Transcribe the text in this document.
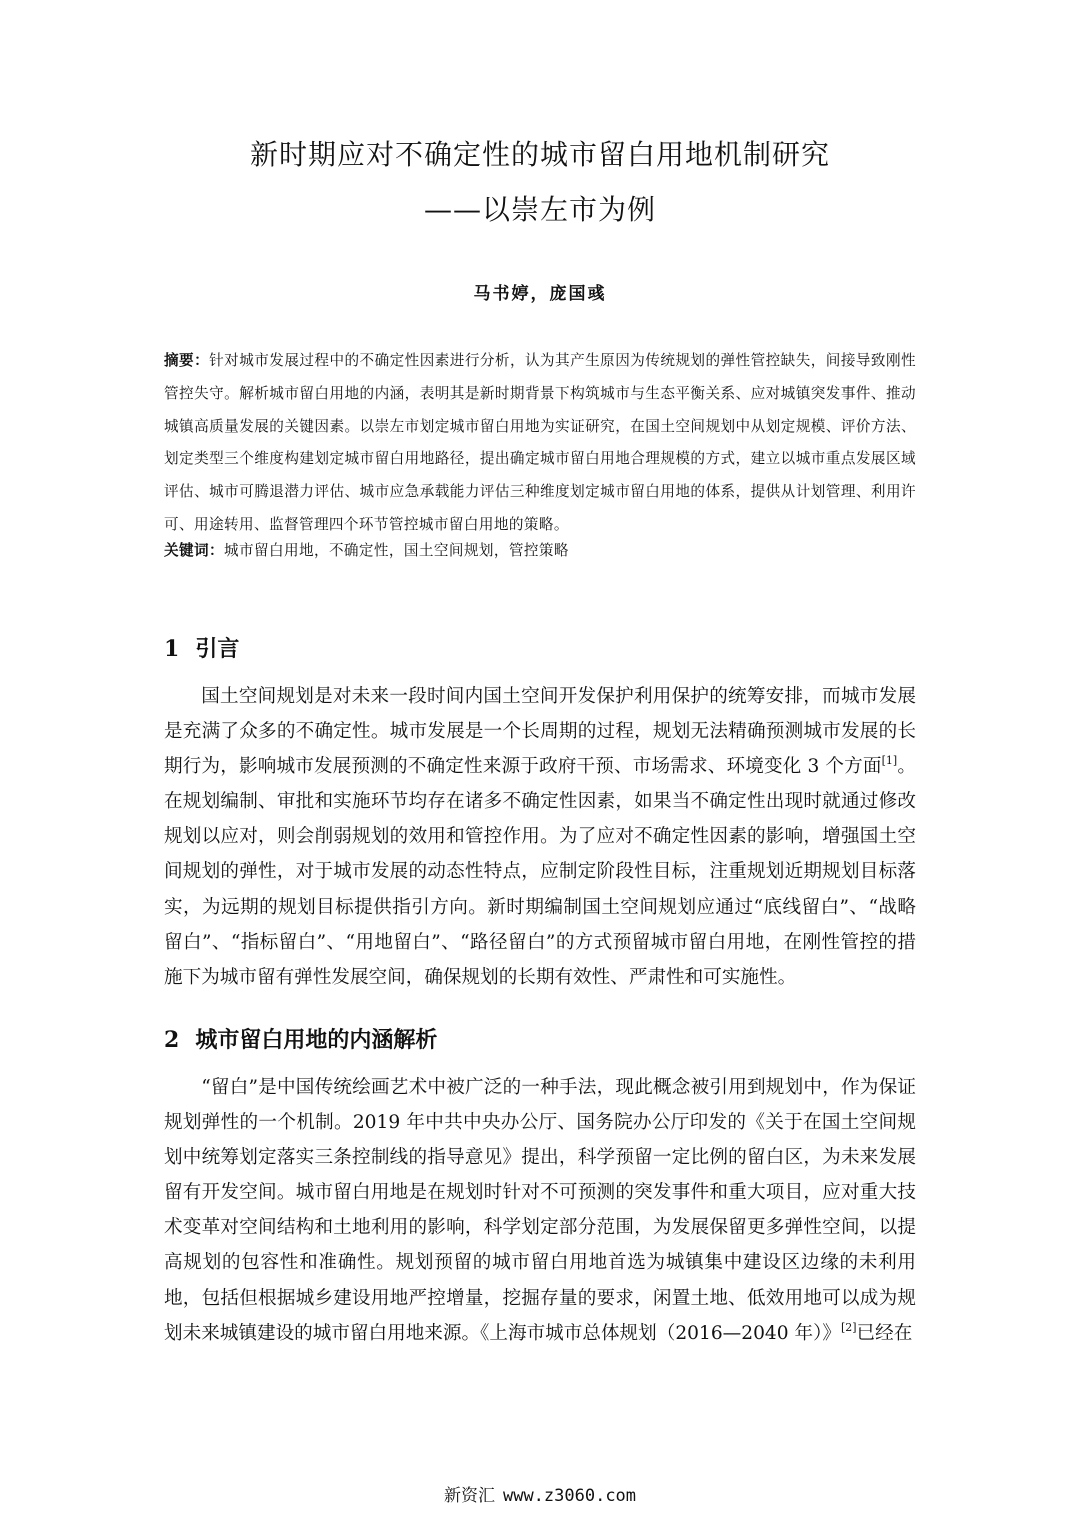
新时期应对不确定性的城市留白用地机制研究
——以崇左市为例
马书婷，庞国彧
摘要：针对城市发展过程中的不确定性因素进行分析，认为其产生原因为传统规划的弹性管控缺失，间接导致刚性管控失守。解析城市留白用地的内涵，表明其是新时期背景下构筑城市与生态平衡关系、应对城镇突发事件、推动城镇高质量发展的关键因素。以崇左市划定城市留白用地为实证研究，在国土空间规划中从划定规模、评价方法、划定类型三个维度构建划定城市留白用地路径，提出确定城市留白用地合理规模的方式，建立以城市重点发展区域评估、城市可腾退潜力评估、城市应急承载能力评估三种维度划定城市留白用地的体系，提供从计划管理、利用许可、用途转用、监督管理四个环节管控城市留白用地的策略。
关键词：城市留白用地，不确定性，国土空间规划，管控策略
1 引言

国土空间规划是对未来一段时间内国土空间开发保护利用保护的统筹安排，而城市发展是充满了众多的不确定性。城市发展是一个长周期的过程，规划无法精确预测城市发展的长期行为，影响城市发展预测的不确定性来源于政府干预、市场需求、环境变化 3 个方面[1]。在规划编制、审批和实施环节均存在诸多不确定性因素，如果当不确定性出现时就通过修改规划以应对，则会削弱规划的效用和管控作用。为了应对不确定性因素的影响，增强国土空间规划的弹性，对于城市发展的动态性特点，应制定阶段性目标，注重规划近期规划目标落实，为远期的规划目标提供指引方向。新时期编制国土空间规划应通过“底线留白”、“战略留白”、“指标留白”、“用地留白”、“路径留白”的方式预留城市留白用地，在刚性管控的措施下为城市留有弹性发展空间，确保规划的长期有效性、严肃性和可实施性。

2 城市留白用地的内涵解析

“留白”是中国传统绘画艺术中被广泛的一种手法，现此概念被引用到规划中，作为保证规划弹性的一个机制。2019 年中共中央办公厅、国务院办公厅印发的《关于在国土空间规划中统筹划定落实三条控制线的指导意见》提出，科学预留一定比例的留白区，为未来发展留有开发空间。城市留白用地是在规划时针对不可预测的突发事件和重大项目，应对重大技术变革对空间结构和土地利用的影响，科学划定部分范围，为发展保留更多弹性空间，以提高规划的包容性和准确性。规划预留的城市留白用地首选为城镇集中建设区边缘的未利用地，包括但根据城乡建设用地严控增量，挖掘存量的要求，闲置土地、低效用地可以成为规划未来城镇建设的城市留白用地来源。《上海市城市总体规划（2016—2040 年）》[2]已经在

新资汇 www.z3060.com
